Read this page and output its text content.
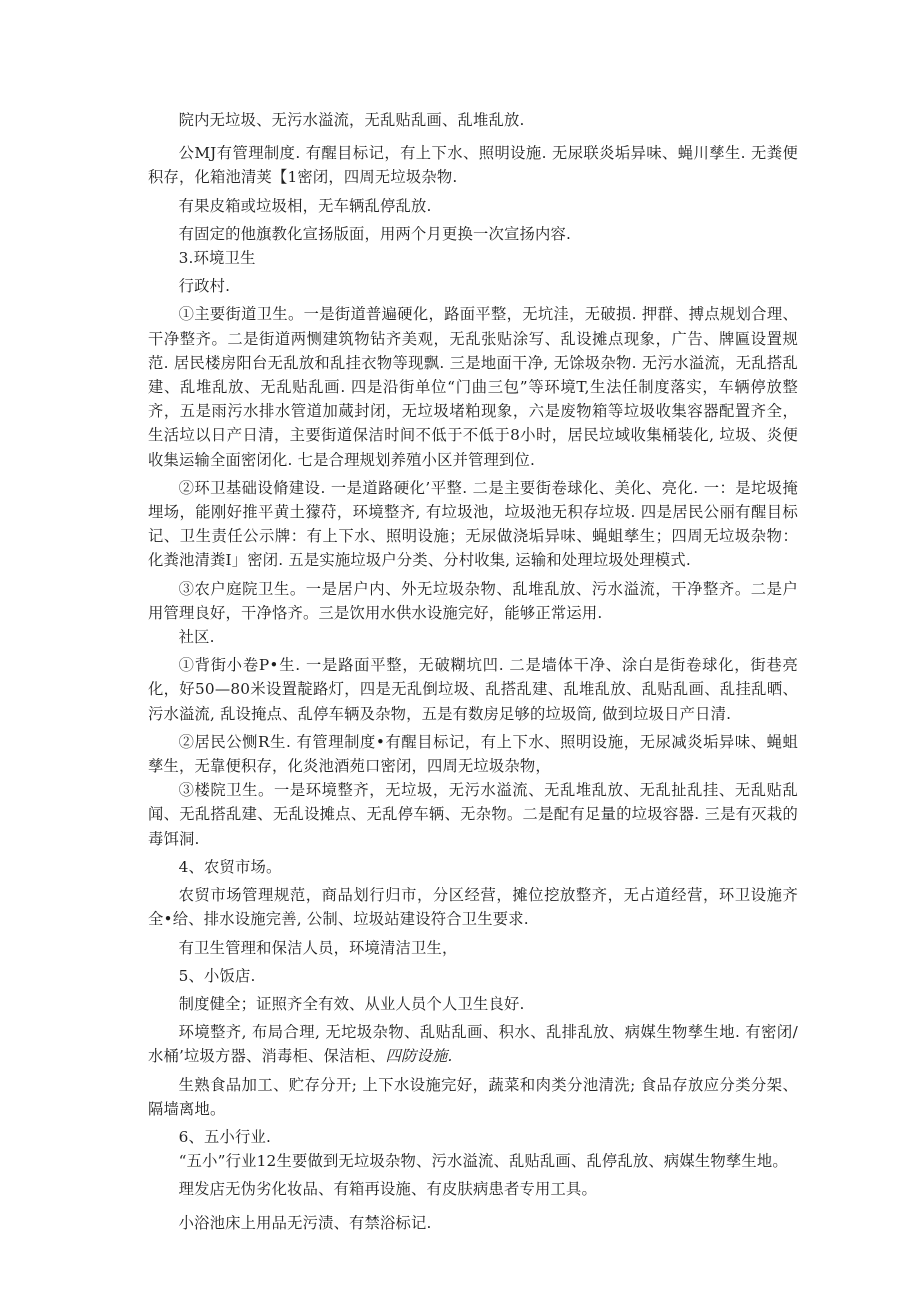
院内无垃圾、无污水溢流，无乱贴乱画、乱堆乱放.

公MJ有管理制度. 有醒目标记，有上下水、照明设施. 无尿联炎垢异味、蝇川孳生. 无粪便积存，化箱池清荚【1密闭，四周无垃圾杂物.

有果皮箱或垃圾相，无车辆乱停乱放.

有固定的他旗教化宣扬版面，用两个月更换一次宣扬内容.

3.环境卫生

行政村.

①主要街道卫生。一是街道普遍硬化，路面平整，无坑洼，无破损. 押群、搏点规划合理、干净整齐。二是街道两恻建筑物钻齐美观，无乱张贴涂写、乱设摊点现象，广告、牌匾设置规范. 居民楼房阳台无乱放和乱挂衣物等现飘. 三是地面干净, 无馀圾杂物. 无污水溢流，无乱搭乱建、乱堆乱放、无乱贴乱画. 四是沿街单位“门曲三包”等环境T,生法任制度落实，车辆停放整齐，五是雨污水排水管道加蒇封闭，无垃圾堵粕现象，六是废物箱等垃圾收集容器配置齐全，生活垃以日产日清，主要街道保洁时间不低于不低于8小时，居民垃域收集桶装化, 垃圾、炎便收集运输全面密闭化. 七是合理规划养殖小区并管理到位.

②环卫基础设脩建设. 一是道路硬化’平整. 二是主要街卷球化、美化、亮化. 一：是坨圾掩埋场，能刚好推平黄土獴苻，环境整齐, 有垃圾池，垃圾池无积存垃圾. 四是居民公丽有醒目标记、卫生责任公示牌：有上下水、照明设施；无尿做浇垢异味、蝇蛆孳生；四周无垃圾杂物：化粪池清粪I」密闭. 五是实施垃圾户分类、分村收集, 运输和处理垃圾处理模式.

③农户庭院卫生。一是居户内、外无垃圾杂物、乱堆乱放、污水溢流，干净整齐。二是户用管理良好，干净恪齐。三是饮用水供水设施完好，能够正常运用.

社区.

①背街小卷P•生. 一是路面平整，无破糊坑凹. 二是墙体干净、涂白是街卷球化，街巷亮化，好50—80米设置靛路灯，四是无乱倒垃圾、乱搭乱建、乱堆乱放、乱贴乱画、乱挂乱晒、污水溢流, 乱设掩点、乱停车辆及杂物，五是有数房足够的垃圾筒, 做到垃圾日产日清.

②居民公恻R生. 有管理制度•有醒目标记，有上下水、照明设施，无尿减炎垢异味、蝇蛆孳生，无靠便积存，化炎池酒苑口密闭，四周无垃圾杂物，

③楼院卫生。一是环境整齐，无垃圾，无污水溢流、无乱堆乱放、无乱扯乱挂、无乱贴乱闻、无乱搭乱建、无乱设摊点、无乱停车辆、无杂物。二是配有足量的垃圾容器. 三是有灭栽的毒饵洞.

4、农贸市场。

农贸市场管理规范，商品划行归市，分区经营，摊位挖放整齐，无占道经营，环卫设施齐全•给、排水设施完善, 公制、垃圾站建设符合卫生要求.

有卫生管理和保洁人员，环境清洁卫生，

5、小饭店.

制度健全；证照齐全有效、从业人员个人卫生良好.

环境整齐, 布局合理, 无坨圾杂物、乱贴乱画、积水、乱排乱放、病媒生物孳生地. 有密闭/水桶’垃圾方器、消毒柜、保洁柜、四防设施.

生熟食品加工、贮存分开; 上下水设施完好，蔬菜和肉类分池清洗; 食品存放应分类分架、隔墙离地。

6、五小行业.

“五小”行业12生要做到无垃圾杂物、污水溢流、乱贴乱画、乱停乱放、病媒生物孳生地。

理发店无伪劣化妆品、有箱再设施、有皮肤病患者专用工具。

小浴池床上用品无污渍、有禁浴标记.
